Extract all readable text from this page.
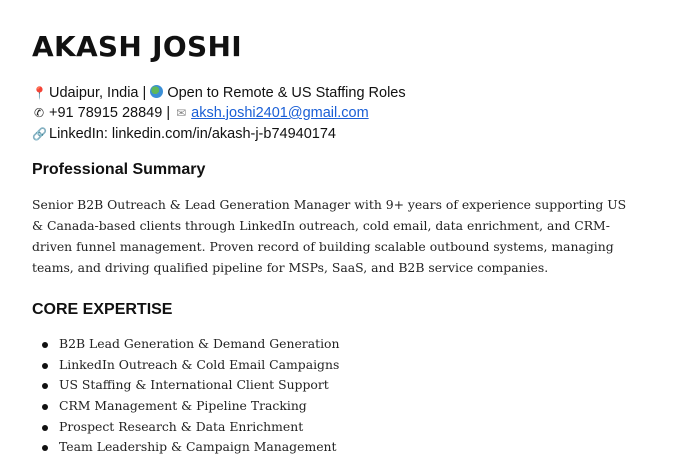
AKASH JOSHI
📍 Udaipur, India | Open to Remote & US Staffing Roles
✆ +91 78915 28849 | ✉ aksh.joshi2401@gmail.com
🔗 LinkedIn: linkedin.com/in/akash-j-b74940174
Professional Summary

Senior B2B Outreach & Lead Generation Manager with 9+ years of experience supporting US & Canada-based clients through LinkedIn outreach, cold email, data enrichment, and CRM-driven funnel management. Proven record of building scalable outbound systems, managing teams, and driving qualified pipeline for MSPs, SaaS, and B2B service companies.

CORE EXPERTISE
B2B Lead Generation & Demand Generation
LinkedIn Outreach & Cold Email Campaigns
US Staffing & International Client Support
CRM Management & Pipeline Tracking
Prospect Research & Data Enrichment
Team Leadership & Campaign Management
